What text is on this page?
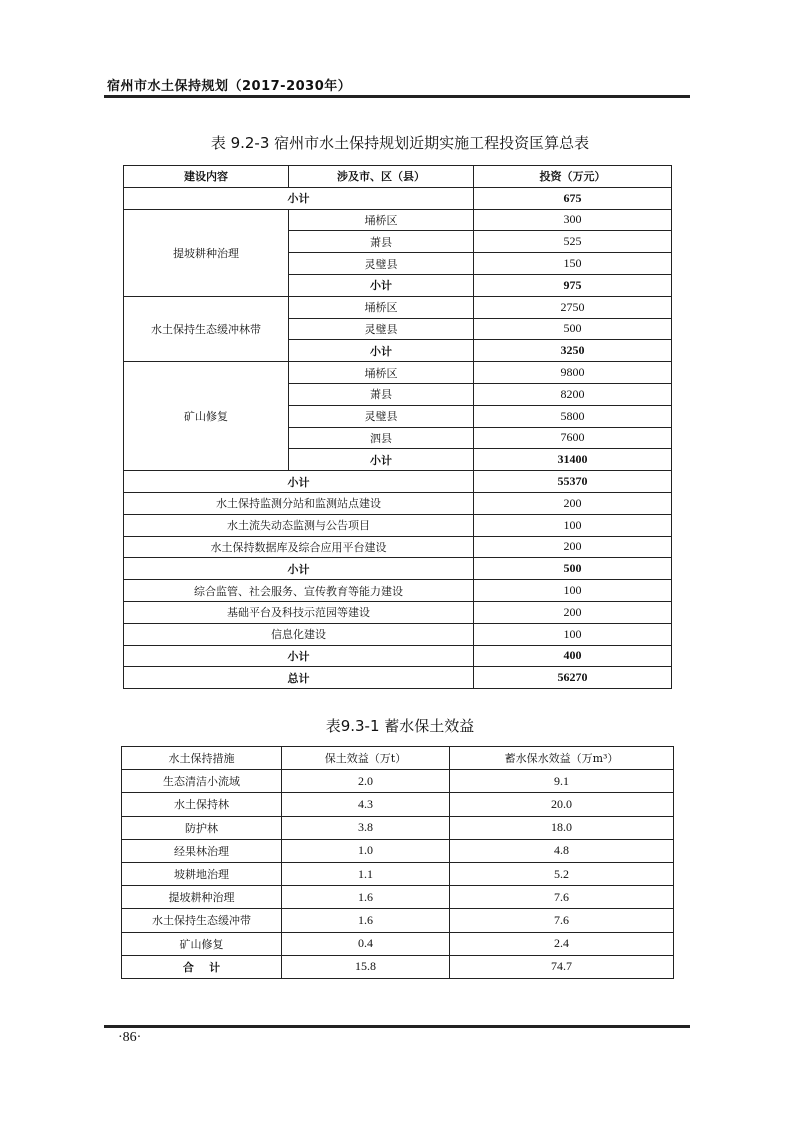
宿州市水土保持规划（2017-2030年）
表 9.2-3 宿州市水土保持规划近期实施工程投资匡算总表
建设内容	涉及市、区（县）	投资（万元）
小计		675
提坡耕种治理	埇桥区	300
	萧县	525
	灵璧县	150
	小计	975
水土保持生态缓冲林带	埇桥区	2750
	灵璧县	500
	小计	3250
矿山修复	埇桥区	9800
	萧县	8200
	灵璧县	5800
	泗县	7600
	小计	31400
小计		55370
水土保持监测分站和监测站点建设		200
水土流失动态监测与公告项目		100
水土保持数据库及综合应用平台建设		200
小计		500
综合监管、社会服务、宣传教育等能力建设		100
基础平台及科技示范园等建设		200
信息化建设		100
小计		400
总计		56270
表9.3-1 蓄水保土效益
水土保持措施	保土效益（万t）	蓄水保水效益（万m³）
生态清洁小流域	2.0	9.1
水土保持林	4.3	20.0
防护林	3.8	18.0
经果林治理	1.0	4.8
坡耕地治理	1.1	5.2
提坡耕种治理	1.6	7.6
水土保持生态缓冲带	1.6	7.6
矿山修复	0.4	2.4
合    计	15.8	74.7
·86·
